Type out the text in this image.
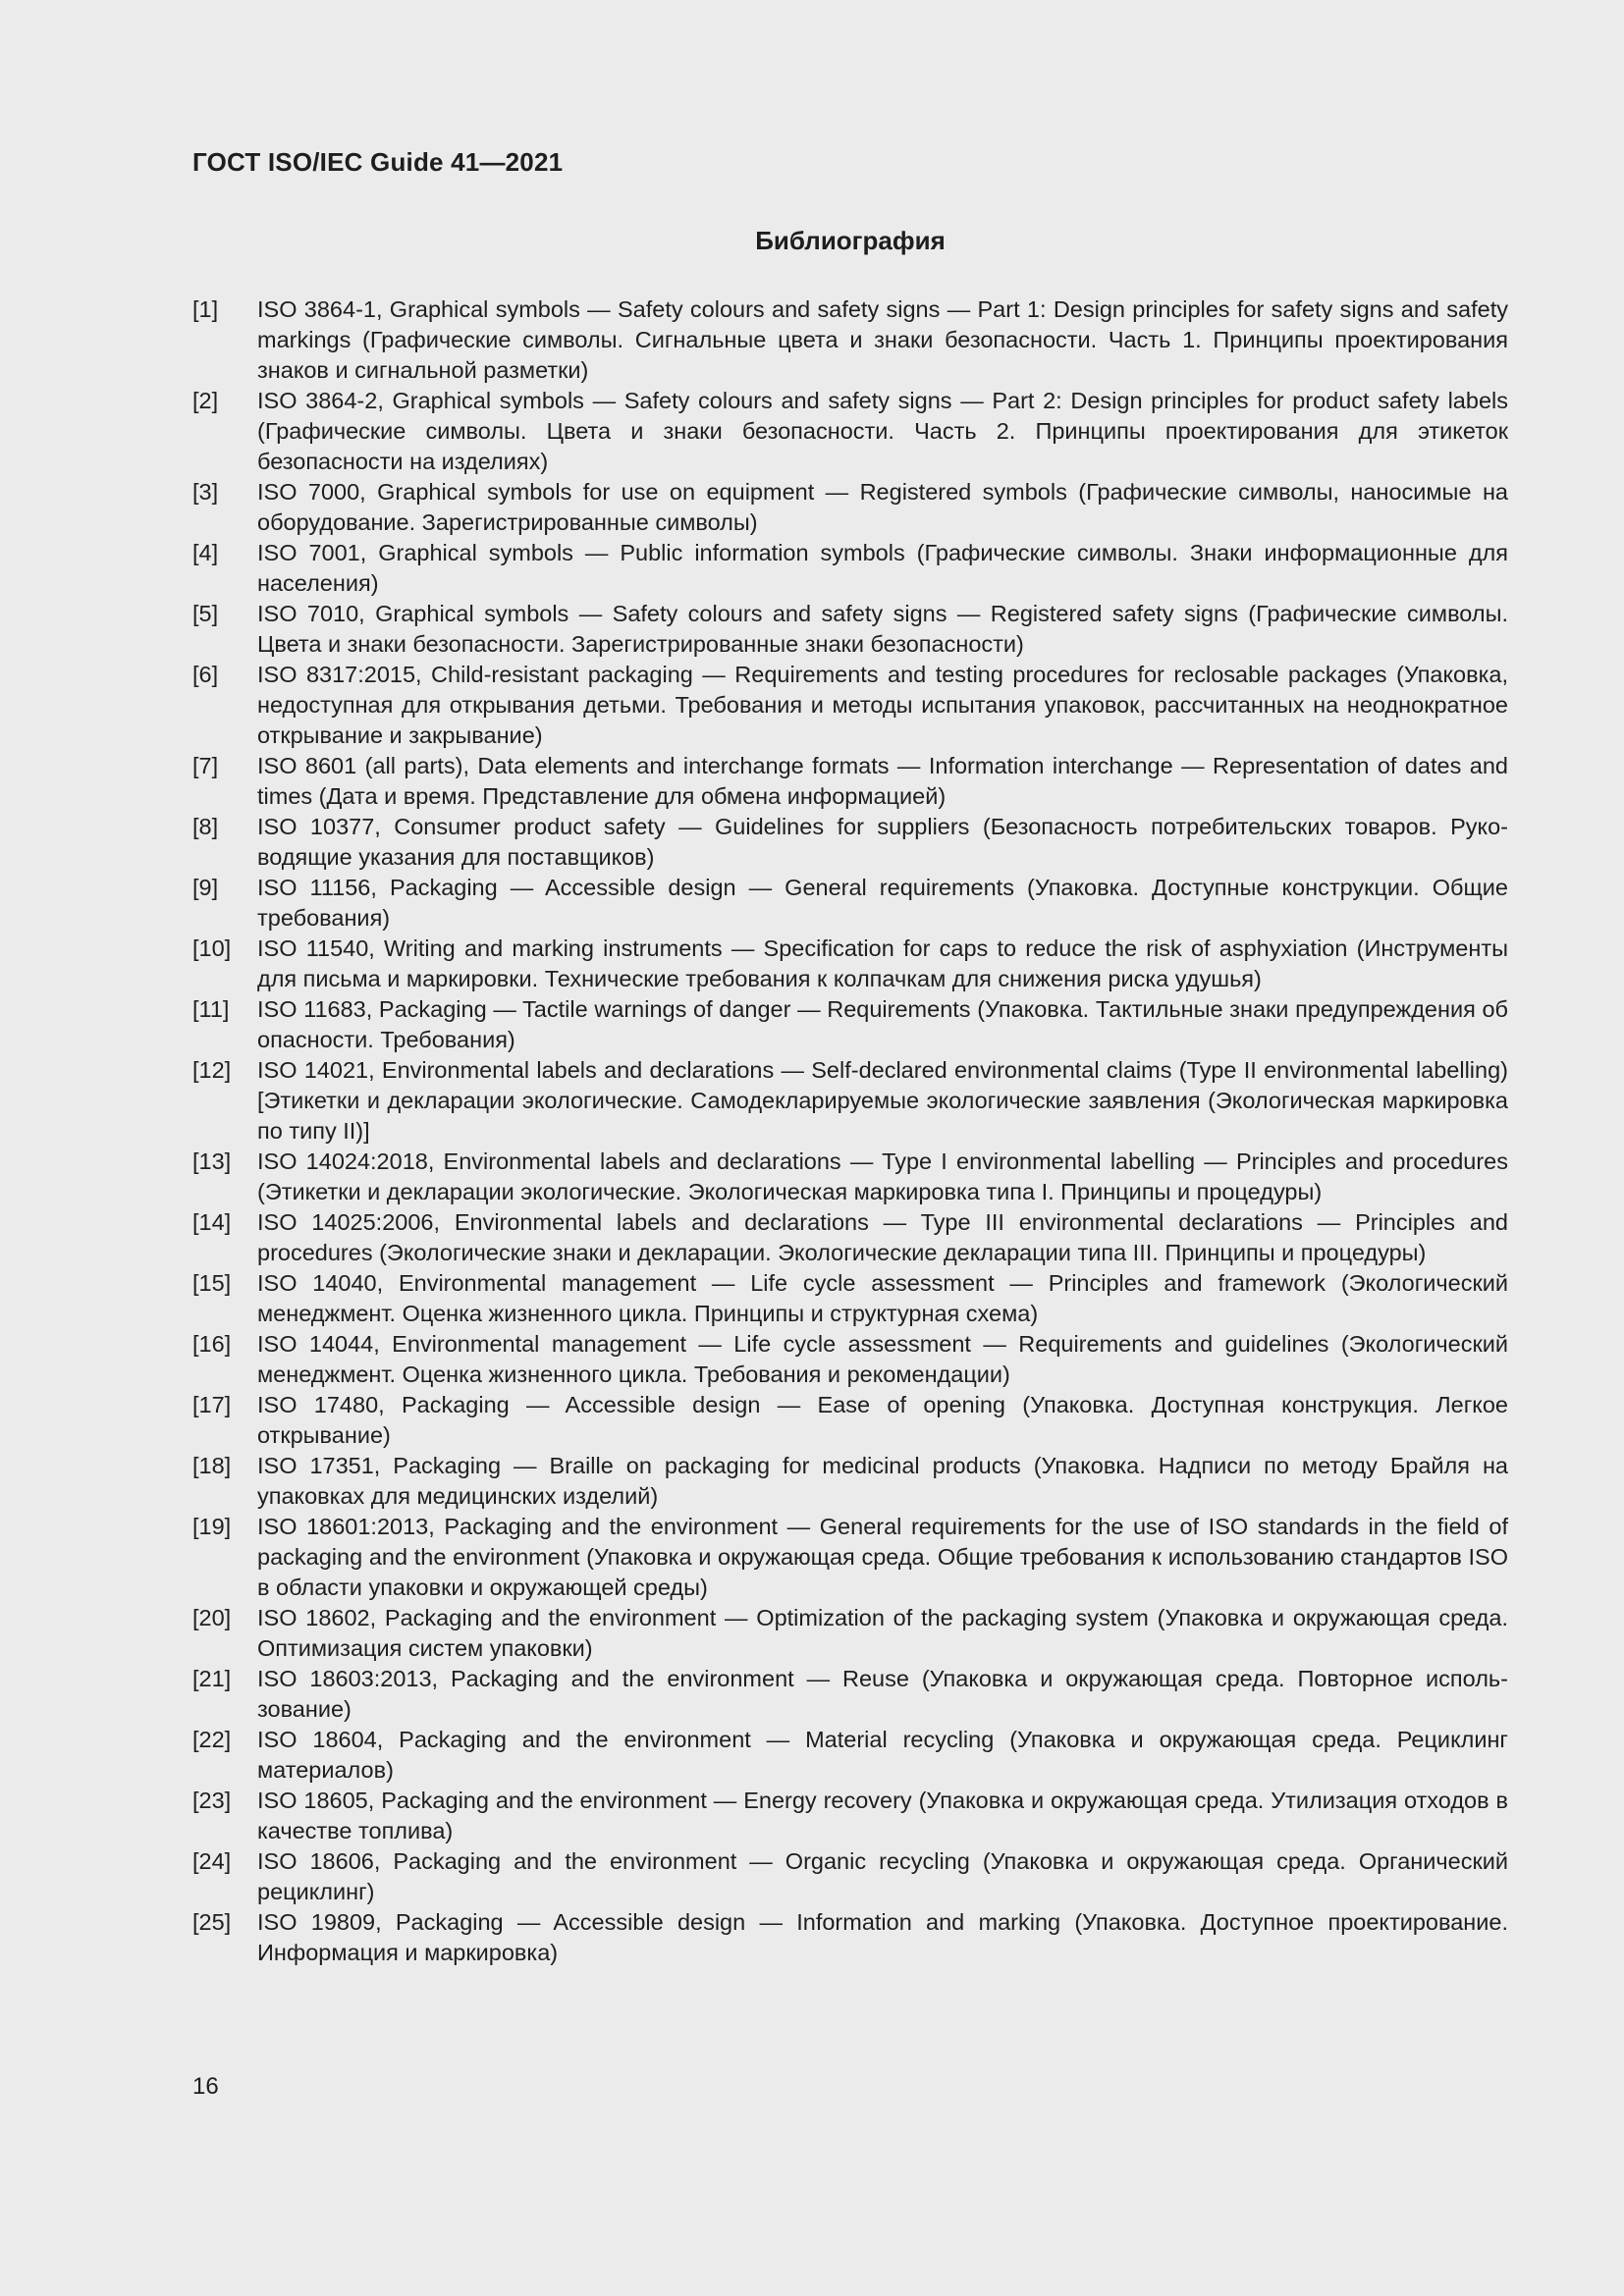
ГОСТ ISO/IEC Guide 41—2021
Библиография
[1]	ISO 3864-1, Graphical symbols — Safety colours and safety signs — Part 1: Design principles for safety signs and safety markings (Графические символы. Сигнальные цвета и знаки безопасности. Часть 1. Принципы проектирования знаков и сигнальной разметки)
[2]	ISO 3864-2, Graphical symbols — Safety colours and safety signs — Part 2: Design principles for product safety labels (Графические символы. Цвета и знаки безопасности. Часть 2. Принципы проектирования для этикеток безопасности на изделиях)
[3]	ISO 7000, Graphical symbols for use on equipment — Registered symbols (Графические символы, наносимые на оборудование. Зарегистрированные символы)
[4]	ISO 7001, Graphical symbols — Public information symbols (Графические символы. Знаки информационные для населения)
[5]	ISO 7010, Graphical symbols — Safety colours and safety signs — Registered safety signs (Графические символы. Цвета и знаки безопасности. Зарегистрированные знаки безопасности)
[6]	ISO 8317:2015, Child-resistant packaging — Requirements and testing procedures for reclosable packages (Упаковка, недоступная для открывания детьми. Требования и методы испытания упаковок, рассчитанных на неоднократное открывание и закрывание)
[7]	ISO 8601 (all parts), Data elements and interchange formats — Information interchange — Representation of dates and times (Дата и время. Представление для обмена информацией)
[8]	ISO 10377, Consumer product safety — Guidelines for suppliers (Безопасность потребительских товаров. Руководящие указания для поставщиков)
[9]	ISO 11156, Packaging — Accessible design — General requirements (Упаковка. Доступные конструкции. Общие требования)
[10]	ISO 11540, Writing and marking instruments — Specification for caps to reduce the risk of asphyxiation (Инструменты для письма и маркировки. Технические требования к колпачкам для снижения риска удушья)
[11]	ISO 11683, Packaging — Tactile warnings of danger — Requirements (Упаковка. Тактильные знаки предупреждения об опасности. Требования)
[12]	ISO 14021, Environmental labels and declarations — Self-declared environmental claims (Type II environmental labelling) [Этикетки и декларации экологические. Самодекларируемые экологические заявления (Экологическая маркировка по типу II)]
[13]	ISO 14024:2018, Environmental labels and declarations — Type I environmental labelling — Principles and procedures (Этикетки и декларации экологические. Экологическая маркировка типа I. Принципы и процедуры)
[14]	ISO 14025:2006, Environmental labels and declarations — Type III environmental declarations — Principles and procedures (Экологические знаки и декларации. Экологические декларации типа III. Принципы и процедуры)
[15]	ISO 14040, Environmental management — Life cycle assessment — Principles and framework (Экологический менеджмент. Оценка жизненного цикла. Принципы и структурная схема)
[16]	ISO 14044, Environmental management — Life cycle assessment — Requirements and guidelines (Экологический менеджмент. Оценка жизненного цикла. Требования и рекомендации)
[17]	ISO 17480, Packaging — Accessible design — Ease of opening (Упаковка. Доступная конструкция. Легкое открывание)
[18]	ISO 17351, Packaging — Braille on packaging for medicinal products (Упаковка. Надписи по методу Брайля на упаковках для медицинских изделий)
[19]	ISO 18601:2013, Packaging and the environment — General requirements for the use of ISO standards in the field of packaging and the environment (Упаковка и окружающая среда. Общие требования к использованию стандартов ISO в области упаковки и окружающей среды)
[20]	ISO 18602, Packaging and the environment — Optimization of the packaging system (Упаковка и окружающая среда. Оптимизация систем упаковки)
[21]	ISO 18603:2013, Packaging and the environment — Reuse (Упаковка и окружающая среда. Повторное использование)
[22]	ISO 18604, Packaging and the environment — Material recycling (Упаковка и окружающая среда. Рециклинг материалов)
[23]	ISO 18605, Packaging and the environment — Energy recovery (Упаковка и окружающая среда. Утилизация отходов в качестве топлива)
[24]	ISO 18606, Packaging and the environment — Organic recycling (Упаковка и окружающая среда. Органический рециклинг)
[25]	ISO 19809, Packaging — Accessible design — Information and marking (Упаковка. Доступное проектирование. Информация и маркировка)
16
